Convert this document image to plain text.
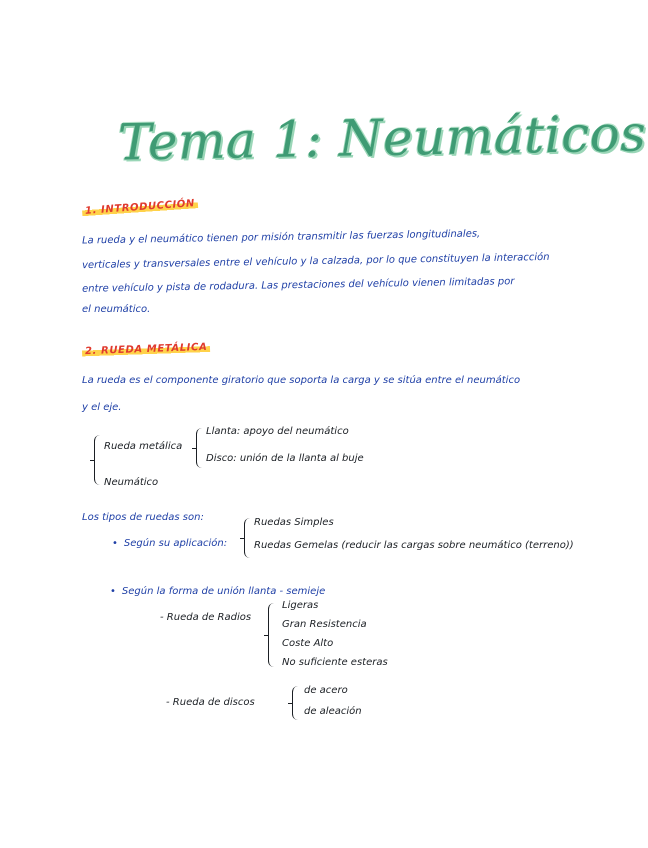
Tema 1: Neumáticos
1. INTRODUCCIÓN
La rueda y el neumático tienen por misión transmitir las fuerzas longitudinales,
verticales y transversales entre el vehículo y la calzada, por lo que constituyen la interacción
entre vehículo y pista de rodadura. Las prestaciones del vehículo vienen limitadas por
el neumático.
2. RUEDA METÁLICA
La rueda es el componente giratorio que soporta la carga y se sitúa entre el neumático
y el eje.
Rueda metálica
Llanta: apoyo del neumático
Disco: unión de la llanta al buje
Neumático
Los tipos de ruedas son:
• Según su aplicación:
Ruedas Simples
Ruedas Gemelas (reducir las cargas sobre neumático (terreno))
• Según la forma de unión llanta - semieje
- Rueda de Radios
Ligeras
Gran Resistencia
Coste Alto
No suficiente esteras
- Rueda de discos
de acero
de aleación
